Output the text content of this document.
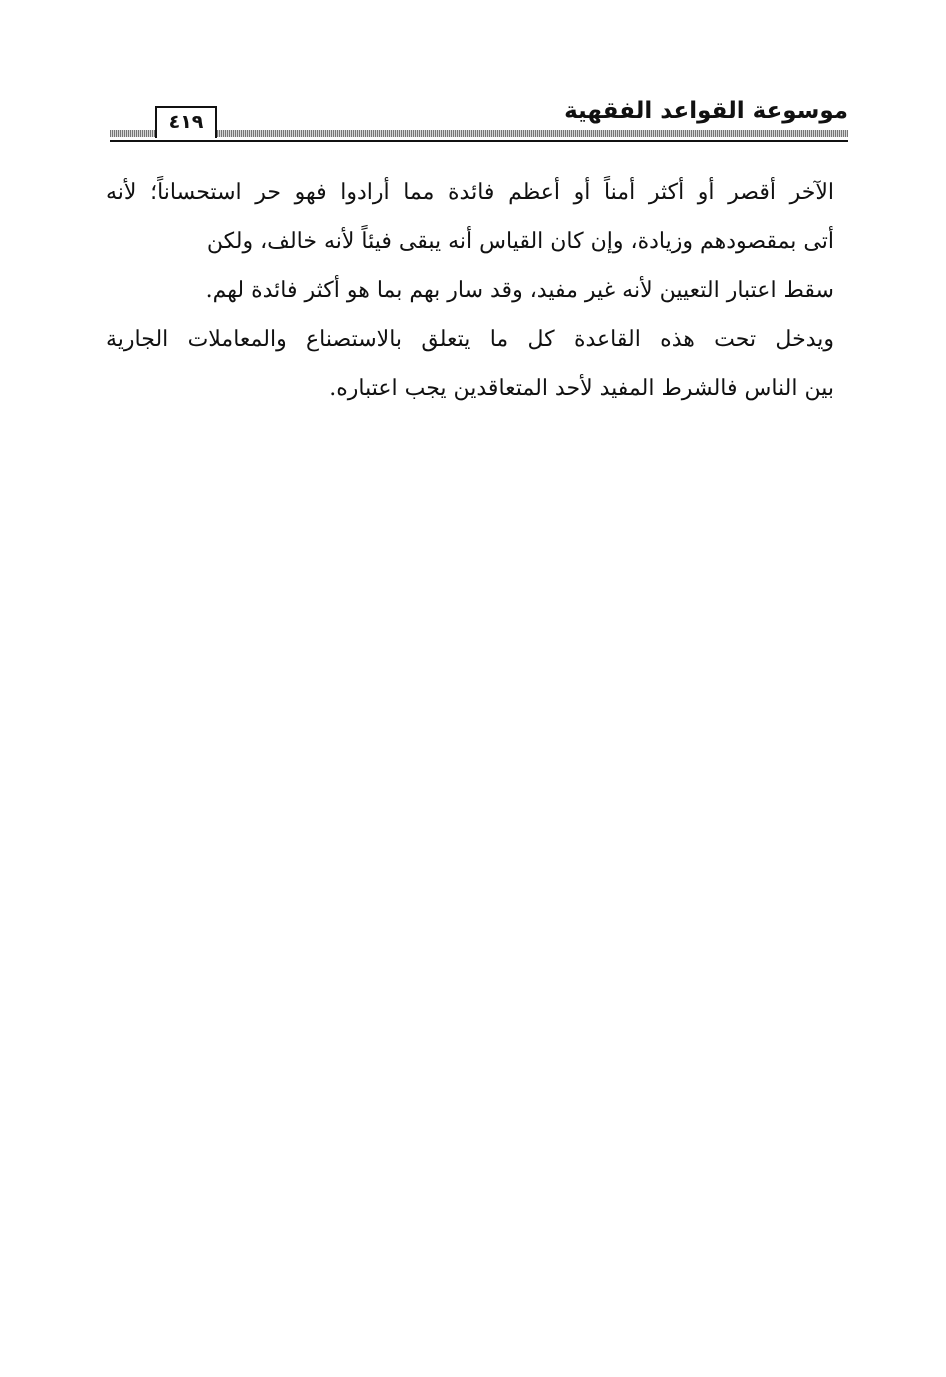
٤١٩	موسوعة القواعد الفقهية
الآخر أقصر أو أكثر أمناً أو أعظم فائدة مما أرادوا فهو حر استحساناً؛ لأنه
أتى بمقصودهم وزيادة، وإن كان القياس أنه يبقى فيئاً لأنه خالف، ولكن
سقط اعتبار التعيين لأنه غير مفيد، وقد سار بهم بما هو أكثر فائدة لهم.
ويدخل تحت هذه القاعدة كل ما يتعلق بالاستصناع والمعاملات الجارية
بين الناس فالشرط المفيد لأحد المتعاقدين يجب اعتباره.
